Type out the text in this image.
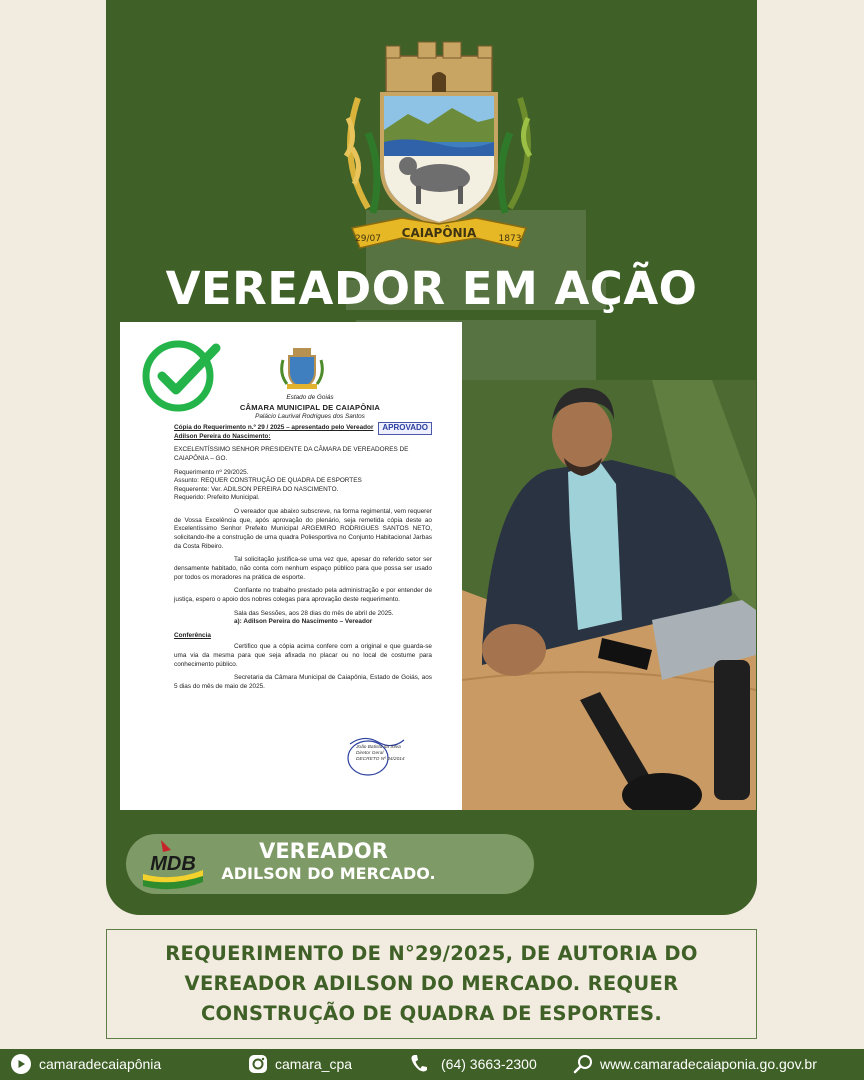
CAIAPÔNIA
29/07	1873
VEREADOR EM AÇÃO
Estado de Goiás
CÂMARA MUNICIPAL DE CAIAPÔNIA
Palácio Laurival Rodrigues dos Santos

APROVADO
Cópia do Requerimento n.º 29 / 2025 – apresentado pelo Vereador Adilson Pereira do Nascimento:

EXCELENTÍSSIMO SENHOR PRESIDENTE DA CÂMARA DE VEREADORES DE CAIAPÔNIA – GO.

Requerimento nº 29/2025.

Assunto: REQUER CONSTRUÇÃO DE QUADRA DE ESPORTES

Requerente: Ver. ADILSON PEREIRA DO NASCIMENTO.

Requerido: Prefeito Municipal.

O vereador que abaixo subscreve, na forma regimental, vem requerer de Vossa Excelência que, após aprovação do plenário, seja remetida cópia deste ao Excelentíssimo Senhor Prefeito Municipal ARGEMIRO RODRIGUES SANTOS NETO, solicitando-lhe a construção de uma quadra Poliesportiva no Conjunto Habitacional Jarbas da Costa Ribeiro.

Tal solicitação justifica-se uma vez que, apesar do referido setor ser densamente habitado, não conta com nenhum espaço público para que possa ser usado por todos os moradores na prática de esporte.

Confiante no trabalho prestado pela administração e por entender de justiça, espero o apoio dos nobres colegas para aprovação deste requerimento.

Sala das Sessões, aos 28 dias do mês de abril de 2025.

a): Adilson Pereira do Nascimento – Vereador

Conferência

Certifico que a cópia acima confere com a original e que guarda-se uma via da mesma para que seja afixada no placar ou no local de costume para conhecimento público.

Secretaria da Câmara Municipal de Caiapônia, Estado de Goiás, aos 5 dias do mês de maio de 2025.

João Batista da Silva
Diretor Geral
DECRETO Nº 04/2014
MDB
VEREADOR
ADILSON DO MERCADO.
REQUERIMENTO DE N°29/2025, DE AUTORIA DO VEREADOR ADILSON DO MERCADO. REQUER CONSTRUÇÃO DE QUADRA DE ESPORTES.
camaradecaiapônia	camara_cpa	(64) 3663-2300	www.camaradecaiaponia.go.gov.br
